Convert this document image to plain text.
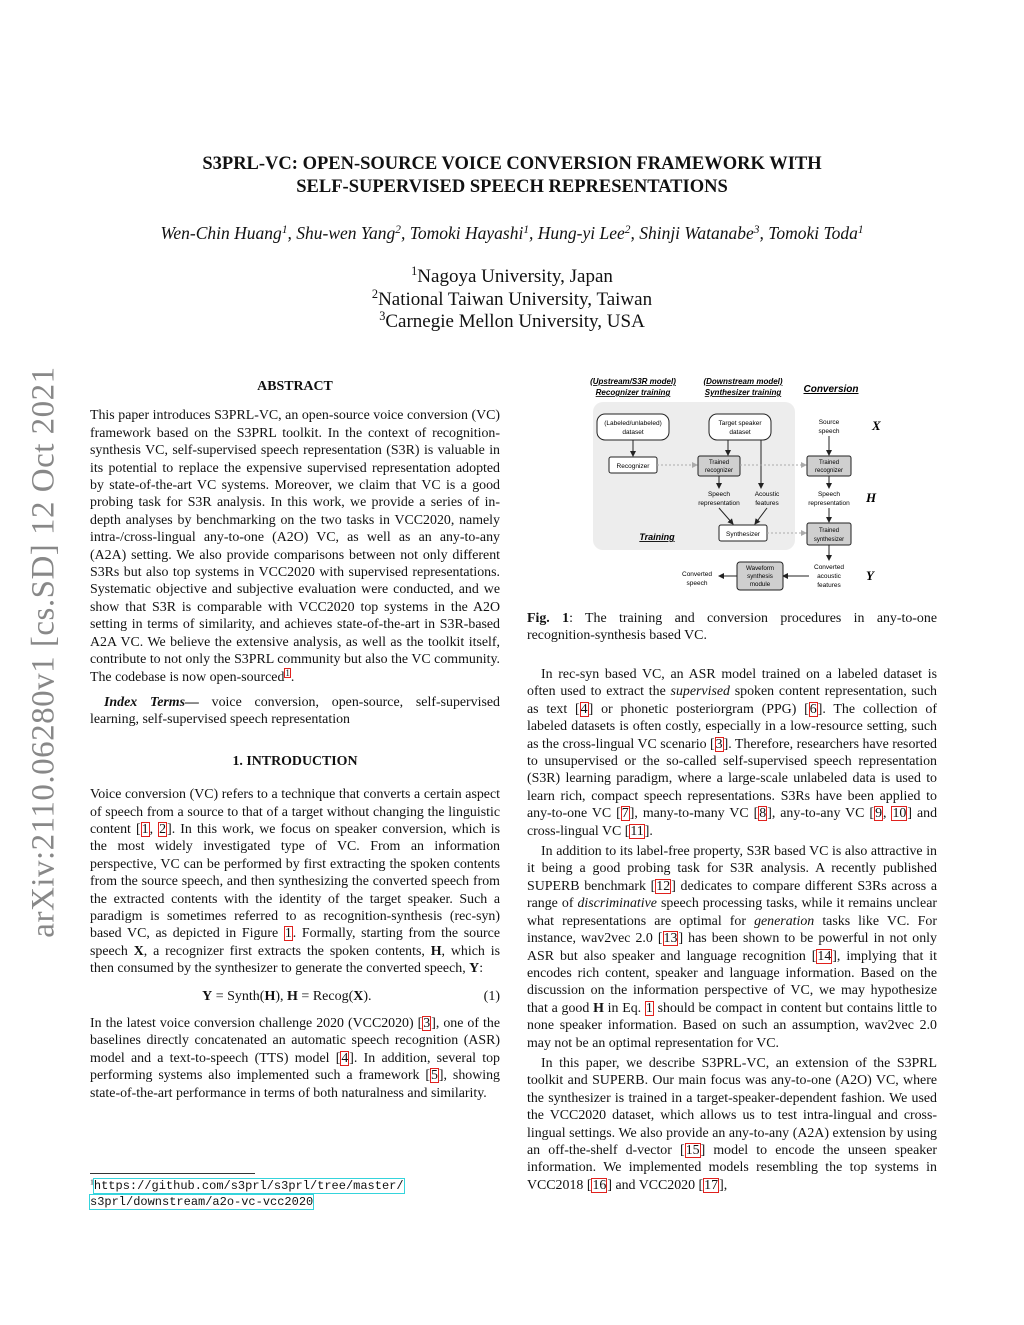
arXiv:2110.06280v1 [cs.SD] 12 Oct 2021
S3PRL-VC: OPEN-SOURCE VOICE CONVERSION FRAMEWORK WITH
SELF-SUPERVISED SPEECH REPRESENTATIONS
Wen-Chin Huang$^1$, Shu-wen Yang$^2$, Tomoki Hayashi$^1$, Hung-yi Lee$^2$, Shinji Watanabe$^3$, Tomoki Toda$^1$
$^1$Nagoya University, Japan
$^2$National Taiwan University, Taiwan
$^3$Carnegie Mellon University, USA
ABSTRACT

This paper introduces S3PRL-VC, an open-source voice conversion (VC) framework based on the S3PRL toolkit. In the context of recognition-synthesis VC, self-supervised speech representation (S3R) is valuable in its potential to replace the expensive supervised representation adopted by state-of-the-art VC systems. Moreover, we claim that VC is a good probing task for S3R analysis. In this work, we provide a series of in-depth analyses by benchmarking on the two tasks in VCC2020, namely intra-/cross-lingual any-to-one (A2O) VC, as well as an any-to-any (A2A) setting. We also provide comparisons between not only different S3Rs but also top systems in VCC2020 with supervised representations. Systematic objective and subjective evaluation were conducted, and we show that S3R is comparable with VCC2020 top systems in the A2O setting in terms of similarity, and achieves state-of-the-art in S3R-based A2A VC. We believe the extensive analysis, as well as the toolkit itself, contribute to not only the S3PRL community but also the VC community. The codebase is now open-sourced$^1$.

Index Terms— voice conversion, open-source, self-supervised learning, self-supervised speech representation

1. INTRODUCTION

Voice conversion (VC) refers to a technique that converts a certain aspect of speech from a source to that of a target without changing the linguistic content [1, 2]. In this work, we focus on speaker conversion, which is the most widely investigated type of VC. From an information perspective, VC can be performed by first extracting the spoken contents from the source speech, and then synthesizing the converted speech from the extracted contents with the identity of the target speaker. Such a paradigm is sometimes referred to as recognition-synthesis (rec-syn) based VC, as depicted in Figure 1. Formally, starting from the source speech X, a recognizer first extracts the spoken contents, H, which is then consumed by the synthesizer to generate the converted speech, Y:

Y = Synth(H), H = Recog(X).	(1)

In the latest voice conversion challenge 2020 (VCC2020) [3], one of the baselines directly concatenated an automatic speech recognition (ASR) model and a text-to-speech (TTS) model [4]. In addition, several top performing systems also implemented such a framework [5], showing state-of-the-art performance in terms of both naturalness and similarity.

$^1$https://github.com/s3prl/s3prl/tree/master/
s3prl/downstream/a2o-vc-vcc2020
(Upstream/S3R model)
Recognizer training
(Downstream model)
Synthesizer training Conversion
(Labeled/unlabeled)
dataset
Target speaker
dataset
Source
speech	X
Recognizer	Trained
recognizer
Trained
recognizer
Speech
representation
Acoustic
features
Speech
representation H
Synthesizer
Training
Trained
synthesizer
Converted
acoustic
features
Y
Waveform
synthesis
module
Converted
speech

Fig. 1: The training and conversion procedures in any-to-one recognition-synthesis based VC.

In rec-syn based VC, an ASR model trained on a labeled dataset is often used to extract the supervised spoken content representation, such as text [4] or phonetic posteriorgram (PPG) [6]. The collection of labeled datasets is often costly, especially in a low-resource setting, such as the cross-lingual VC scenario [3]. Therefore, researchers have resorted to unsupervised or the so-called self-supervised speech representation (S3R) learning paradigm, where a large-scale unlabeled data is used to learn rich, compact speech representations. S3Rs have been applied to any-to-one VC [7], many-to-many VC [8], any-to-any VC [9, 10] and cross-lingual VC [11].

In addition to its label-free property, S3R based VC is also attractive in it being a good probing task for S3R analysis. A recently published SUPERB benchmark [12] dedicates to compare different S3Rs across a range of discriminative speech processing tasks, while it remains unclear what representations are optimal for generation tasks like VC. For instance, wav2vec 2.0 [13] has been shown to be powerful in not only ASR but also speaker and language recognition [14], implying that it encodes rich content, speaker and language information. Based on the discussion on the information perspective of VC, we may hypothesize that a good H in Eq. 1 should be compact in content but contains little to none speaker information. Based on such an assumption, wav2vec 2.0 may not be an optimal representation for VC.

In this paper, we describe S3PRL-VC, an extension of the S3PRL toolkit and SUPERB. Our main focus was any-to-one (A2O) VC, where the synthesizer is trained in a target-speaker-dependent fashion. We used the VCC2020 dataset, which allows us to test intra-lingual and cross-lingual settings. We also provide an any-to-any (A2A) extension by using an off-the-shelf d-vector [15] model to encode the unseen speaker information. We implemented models resembling the top systems in VCC2018 [16] and VCC2020 [17],
